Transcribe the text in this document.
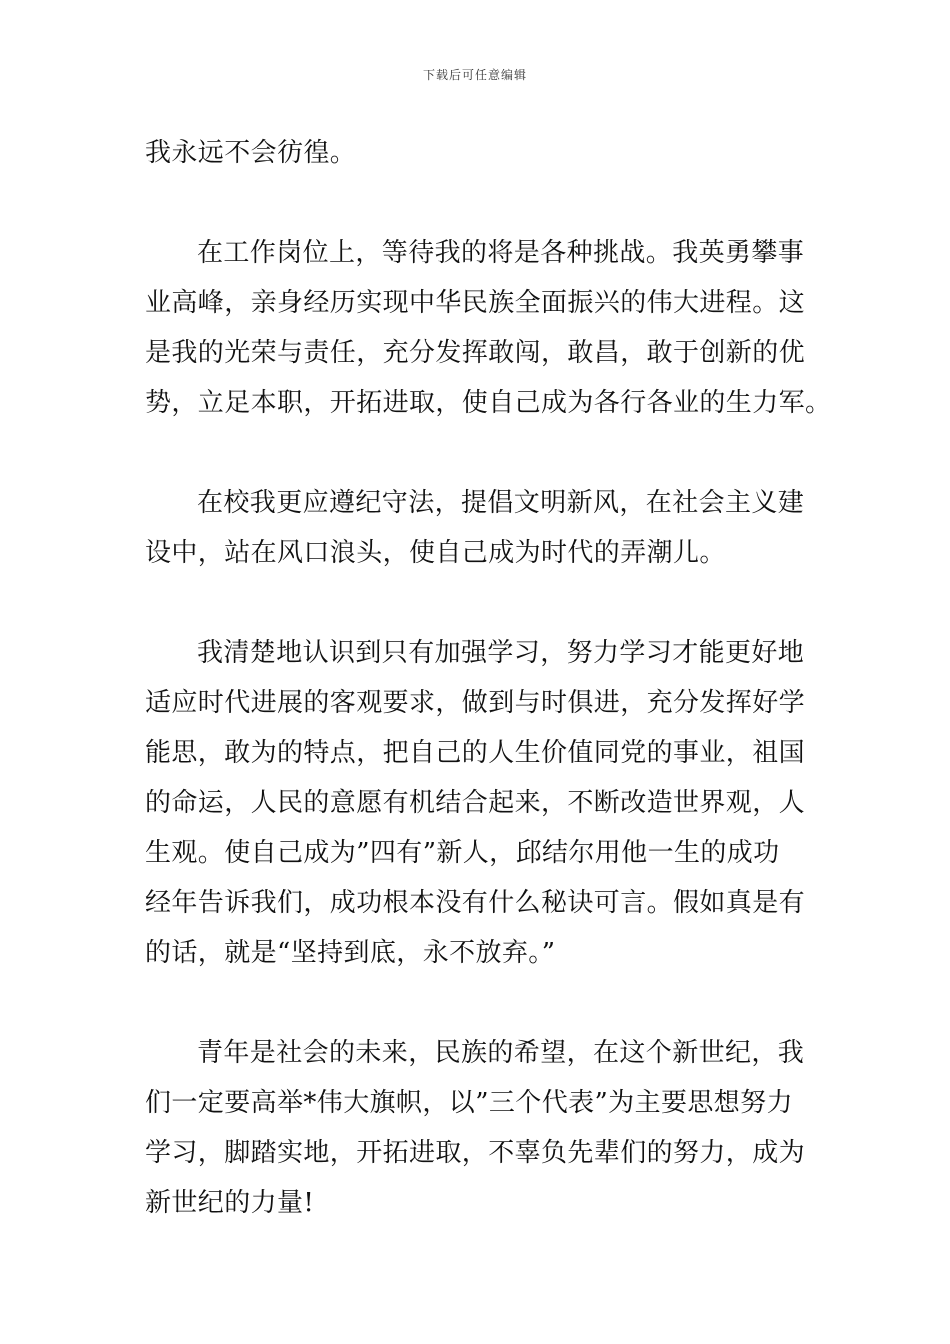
下载后可任意编辑

我永远不会彷徨。

在工作岗位上，等待我的将是各种挑战。我英勇攀事
业高峰，亲身经历实现中华民族全面振兴的伟大进程。这
是我的光荣与责任，充分发挥敢闯，敢昌，敢于创新的优
势，立足本职，开拓进取，使自己成为各行各业的生力军。

在校我更应遵纪守法，提倡文明新风，在社会主义建
设中，站在风口浪头，使自己成为时代的弄潮儿。

我清楚地认识到只有加强学习，努力学习才能更好地
适应时代进展的客观要求，做到与时俱进，充分发挥好学
能思，敢为的特点，把自己的人生价值同党的事业，祖国
的命运，人民的意愿有机结合起来，不断改造世界观，人
生观。使自己成为”四有”新人，邱结尔用他一生的成功
经年告诉我们，成功根本没有什么秘诀可言。假如真是有
的话，就是“坚持到底，永不放弃。”

青年是社会的未来，民族的希望，在这个新世纪，我
们一定要高举*伟大旗帜，以”三个代表”为主要思想努力
学习，脚踏实地，开拓进取，不辜负先辈们的努力，成为
新世纪的力量!
